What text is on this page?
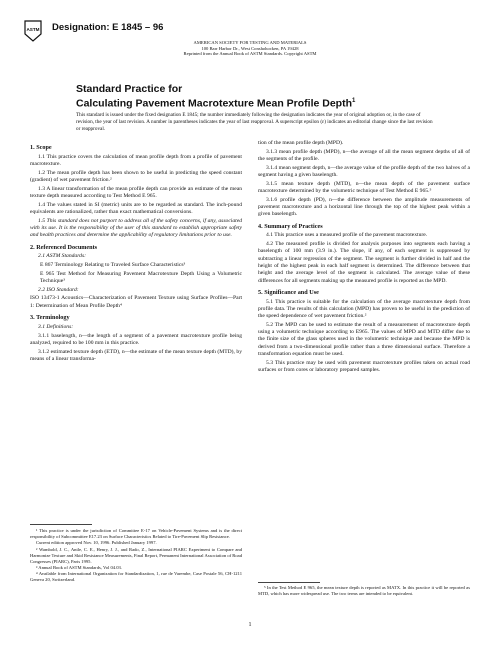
ASTM Designation: E 1845 – 96
AMERICAN SOCIETY FOR TESTING AND MATERIALS
100 Barr Harbor Dr., West Conshohocken, PA 19428
Reprinted from the Annual Book of ASTM Standards. Copyright ASTM
Standard Practice for
Calculating Pavement Macrotexture Mean Profile Depth$^1$
This standard is issued under the fixed designation E 1845; the number immediately following the designation indicates the year of original adoption or, in the case of revision, the year of last revision. A number in parentheses indicates the year of last reapproval. A superscript epsilon (ε) indicates an editorial change since the last revision or reapproval.
1. Scope

1.1 This practice covers the calculation of mean profile depth from a profile of pavement macrotexture.

1.2 The mean profile depth has been shown to be useful in predicting the speed constant (gradient) of wet pavement friction.²

1.3 A linear transformation of the mean profile depth can provide an estimate of the mean texture depth measured according to Test Method E 965.

1.4 The values stated in SI (metric) units are to be regarded as standard. The inch-pound equivalents are rationalized, rather than exact mathematical conversions.

1.5 This standard does not purport to address all of the safety concerns, if any, associated with its use. It is the responsibility of the user of this standard to establish appropriate safety and health practices and determine the applicability of regulatory limitations prior to use.

2. Referenced Documents

2.1 ASTM Standards:

E 867 Terminology Relating to Traveled Surface Characteristics³

E 965 Test Method for Measuring Pavement Macrotexture Depth Using a Volumetric Technique³

2.2 ISO Standard:

ISO 13473-1 Acoustics—Characterization of Pavement Texture using Surface Profiles—Part 1: Determination of Mean Profile Depth⁴

3. Terminology

3.1 Definitions:

3.1.1 baselength, n—the length of a segment of a pavement macrotexture profile being analyzed, required to be 100 mm in this practice.

3.1.2 estimated texture depth (ETD), n—the estimate of the mean texture depth (MTD), by means of a linear transforma-

tion of the mean profile depth (MPD).

3.1.3 mean profile depth (MPD), n—the average of all the mean segment depths of all of the segments of the profile.

3.1.4 mean segment depth, n—the average value of the profile depth of the two halves of a segment having a given baselength.

3.1.5 mean texture depth (MTD), n—the mean depth of the pavement surface macrotexture determined by the volumetric technique of Test Method E 965.⁵

3.1.6 profile depth (PD), n—the difference between the amplitude measurements of pavement macrotexture and a horizontal line through the top of the highest peak within a given baselength.

4. Summary of Practices

4.1 This practice uses a measured profile of the pavement macrotexture.

4.2 The measured profile is divided for analysis purposes into segments each having a baselength of 100 mm (3.9 in.). The slope, if any, of each segment is suppressed by subtracting a linear regression of the segment. The segment is further divided in half and the height of the highest peak in each half segment is determined. The difference between that height and the average level of the segment is calculated. The average value of these differences for all segments making up the measured profile is reported as the MPD.

5. Significance and Use

5.1 This practice is suitable for the calculation of the average macrotexture depth from profile data. The results of this calculation (MPD) has proven to be useful in the prediction of the speed dependence of wet pavement friction.²

5.2 The MPD can be used to estimate the result of a measurement of macrotexture depth using a volumetric technique according to E965. The values of MPD and MTD differ due to the finite size of the glass spheres used in the volumetric technique and because the MPD is derived from a two-dimensional profile rather than a three dimensional surface. Therefore a transformation equation must be used.

5.3 This practice may be used with pavement macrotexture profiles taken on actual road surfaces or from cores or laboratory prepared samples.

¹ This practice is under the jurisdiction of Committee E-17 on Vehicle-Pavement Systems and is the direct responsibility of Subcommittee E17.23 on Surface Characteristics Related to Tire-Pavement Slip Resistance.

Current edition approved Nov. 10, 1996. Published January 1997.

² Wambold, J. C., Antle, C. E., Henry, J. J., and Rado, Z., International PIARC Experiment to Compare and Harmonize Texture and Skid Resistance Measurements, Final Report, Permanent International Association of Road Congresses (PIARC), Paris 1995.

³ Annual Book of ASTM Standards, Vol 04.03.

⁴ Available from International Organization for Standardization, 1, rue de Varembe, Case Postale 56, CH-1211 Geneva 20, Switzerland.

⁵ In the Test Method E 965, the mean texture depth is reported as MATX. In this practice it will be reported as MTD, which has more widespread use. The two terms are intended to be equivalent.

1
